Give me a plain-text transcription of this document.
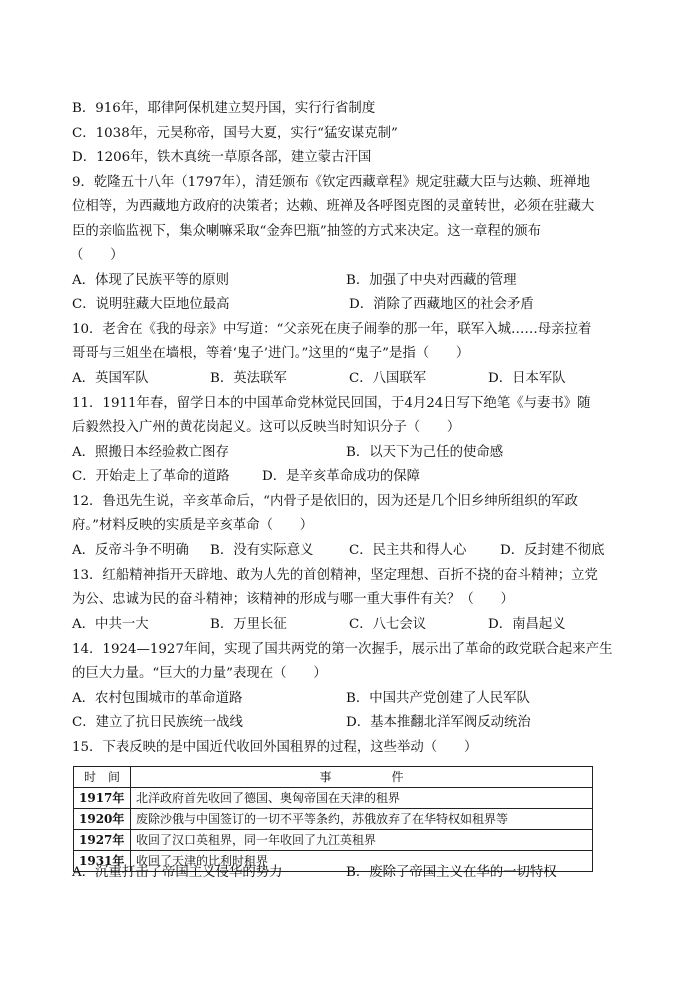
B．916年，耶律阿保机建立契丹国，实行行省制度
C．1038年，元昊称帝，国号大夏，实行“猛安谋克制”
D．1206年，铁木真统一草原各部，建立蒙古汗国
9．乾隆五十八年（1797年），清廷颁布《钦定西藏章程》规定驻藏大臣与达赖、班禅地
位相等，为西藏地方政府的决策者；达赖、班禅及各呼图克图的灵童转世，必须在驻藏大
臣的亲临监视下，集众喇嘛采取“金奔巴瓶”抽签的方式来决定。这一章程的颁布
（　　）
A．体现了民族平等的原则	B．加强了中央对西藏的管理
C．说明驻藏大臣地位最高	D．消除了西藏地区的社会矛盾
10．老舍在《我的母亲》中写道：“父亲死在庚子闹拳的那一年，联军入城……母亲拉着
哥哥与三姐坐在墙根，等着‘鬼子’进门。”这里的“鬼子”是指（　　）
A．英国军队	B．英法联军	C．八国联军	D．日本军队
11．1911年春，留学日本的中国革命党林觉民回国，于4月24日写下绝笔《与妻书》随
后毅然投入广州的黄花岗起义。这可以反映当时知识分子（　　）
A．照搬日本经验救亡图存	B．以天下为己任的使命感
C．开始走上了革命的道路 D．是辛亥革命成功的保障
12．鲁迅先生说，辛亥革命后，“内骨子是依旧的，因为还是几个旧乡绅所组织的军政
府。”材料反映的实质是辛亥革命（　　）
A．反帝斗争不明确 B．没有实际意义	C．民主共和得人心	D．反封建不彻底
13．红船精神指开天辟地、敢为人先的首创精神，坚定理想、百折不挠的奋斗精神；立党
为公、忠诚为民的奋斗精神；该精神的形成与哪一重大事件有关？（　　）
A．中共一大	B．万里长征	C．八七会议	D．南昌起义
14．1924—1927年间，实现了国共两党的第一次握手，展示出了革命的政党联合起来产生
的巨大力量。“巨大的力量”表现在（　　）
A．农村包围城市的革命道路	B．中国共产党创建了人民军队
C．建立了抗日民族统一战线	D．基本推翻北洋军阀反动统治
15．下表反映的是中国近代收回外国租界的过程，这些举动（　　）
时　间	事　　　　　件
1917年	北洋政府首先收回了德国、奥匈帝国在天津的租界
1920年	废除沙俄与中国签订的一切不平等条约，苏俄放弃了在华特权如租界等
1927年	收回了汉口英租界，同一年收回了九江英租界
1931年	收回了天津的比利时租界
A．沉重打击了帝国主义侵华的势力	B．废除了帝国主义在华的一切特权
